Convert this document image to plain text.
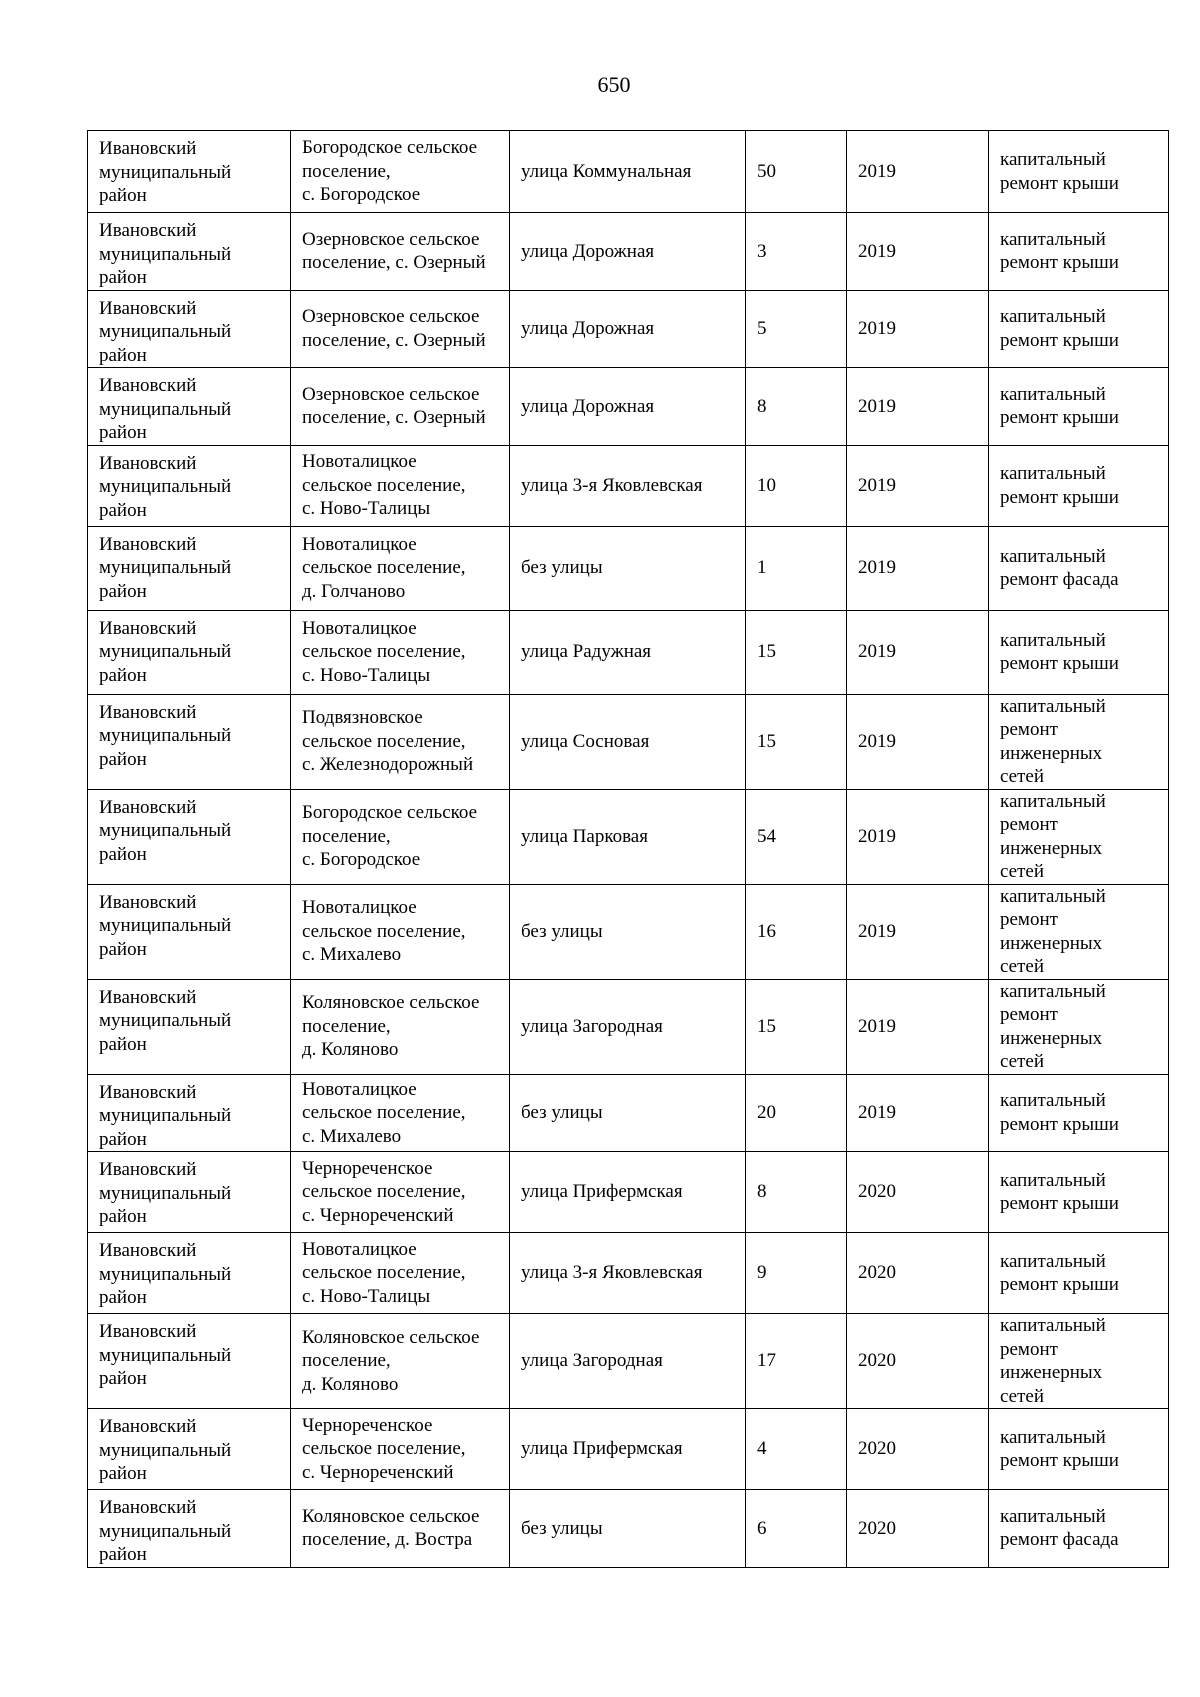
650
Ивановский
муниципальный
район	Богородское сельское
поселение,
с. Богородское	улица Коммунальная	50	2019	капитальный
ремонт крыши

Ивановский
муниципальный
район	Озерновское сельское
поселение, с. Озерный	улица Дорожная	3	2019	капитальный
ремонт крыши

Ивановский
муниципальный
район	Озерновское сельское
поселение, с. Озерный	улица Дорожная	5	2019	капитальный
ремонт крыши

Ивановский
муниципальный
район	Озерновское сельское
поселение, с. Озерный	улица Дорожная	8	2019	капитальный
ремонт крыши

Ивановский
муниципальный
район	Новоталицкое
сельское поселение,
с. Ново-Талицы	улица 3-я Яковлевская	10	2019	капитальный
ремонт крыши

Ивановский
муниципальный
район	Новоталицкое
сельское поселение,
д. Голчаново	без улицы	1	2019	капитальный
ремонт фасада

Ивановский
муниципальный
район	Новоталицкое
сельское поселение,
с. Ново-Талицы	улица Радужная	15	2019	капитальный
ремонт крыши

Ивановский
муниципальный
район	Подвязновское
сельское поселение,
с. Железнодорожный	улица Сосновая	15	2019	капитальный
ремонт
инженерных
сетей

Ивановский
муниципальный
район	Богородское сельское
поселение,
с. Богородское	улица Парковая	54	2019	капитальный
ремонт
инженерных
сетей

Ивановский
муниципальный
район	Новоталицкое
сельское поселение,
с. Михалево	без улицы	16	2019	капитальный
ремонт
инженерных
сетей

Ивановский
муниципальный
район	Коляновское сельское
поселение,
д. Коляново	улица Загородная	15	2019	капитальный
ремонт
инженерных
сетей

Ивановский
муниципальный
район	Новоталицкое
сельское поселение,
с. Михалево	без улицы	20	2019	капитальный
ремонт крыши

Ивановский
муниципальный
район	Чернореченское
сельское поселение,
с. Чернореченский	улица Прифермская	8	2020	капитальный
ремонт крыши

Ивановский
муниципальный
район	Новоталицкое
сельское поселение,
с. Ново-Талицы	улица 3-я Яковлевская	9	2020	капитальный
ремонт крыши

Ивановский
муниципальный
район	Коляновское сельское
поселение,
д. Коляново	улица Загородная	17	2020	капитальный
ремонт
инженерных
сетей

Ивановский
муниципальный
район	Чернореченское
сельское поселение,
с. Чернореченский	улица Прифермская	4	2020	капитальный
ремонт крыши

Ивановский
муниципальный
район	Коляновское сельское
поселение, д. Вострa	без улицы	6	2020	капитальный
ремонт фасада
